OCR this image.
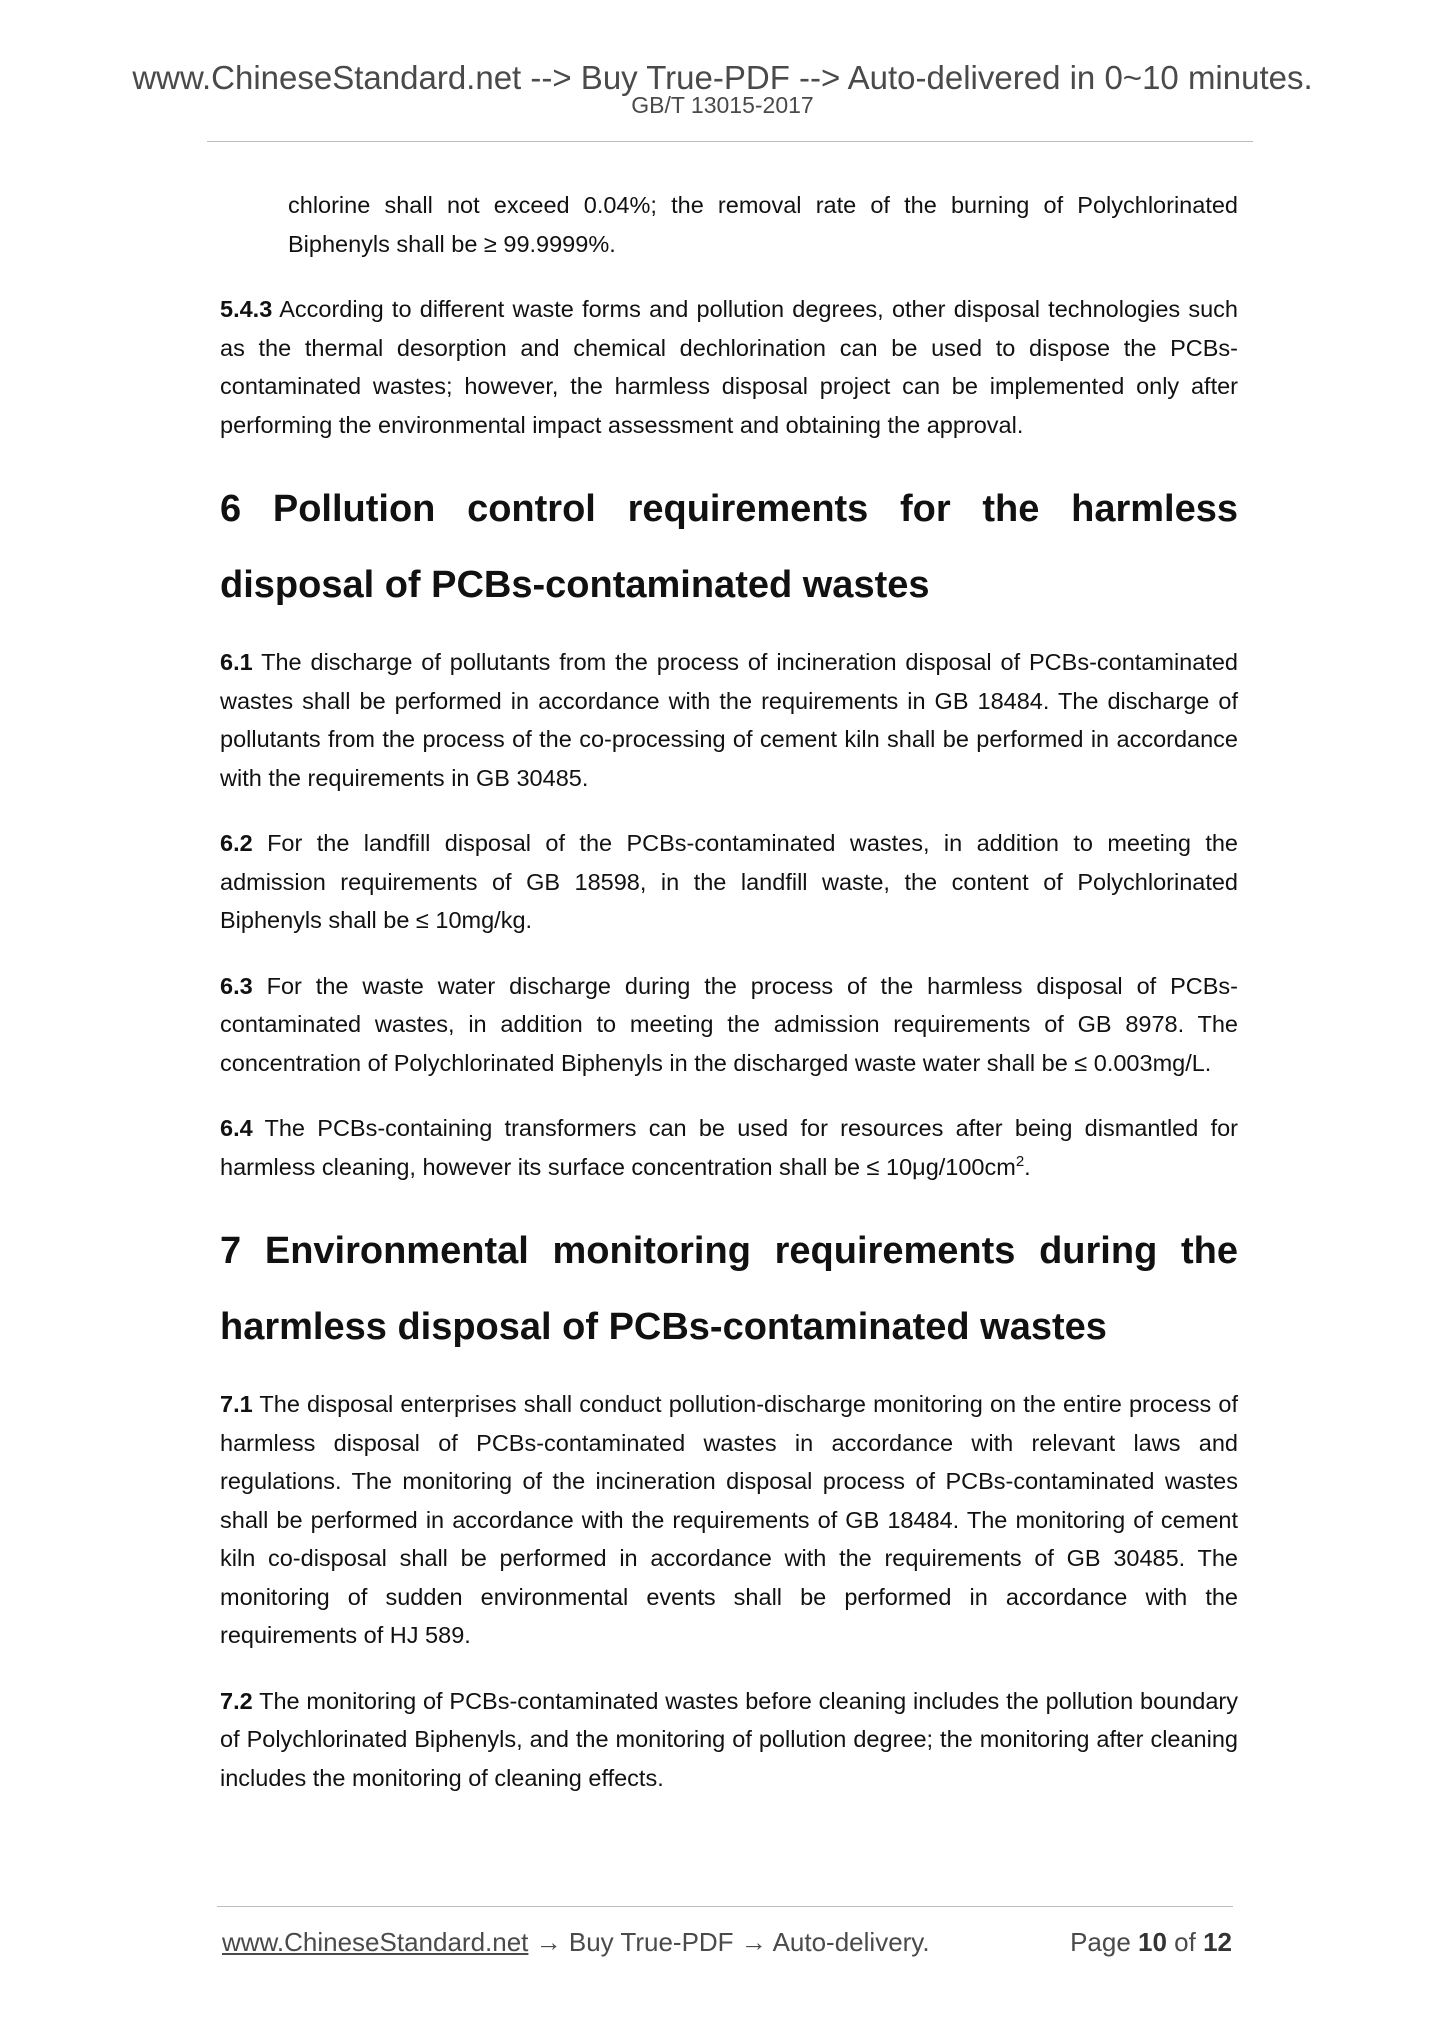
www.ChineseStandard.net --> Buy True-PDF --> Auto-delivered in 0~10 minutes.
GB/T 13015-2017

chlorine shall not exceed 0.04%; the removal rate of the burning of Polychlorinated Biphenyls shall be ≥ 99.9999%.

5.4.3 According to different waste forms and pollution degrees, other disposal technologies such as the thermal desorption and chemical dechlorination can be used to dispose the PCBs-contaminated wastes; however, the harmless disposal project can be implemented only after performing the environmental impact assessment and obtaining the approval.

6 Pollution control requirements for the harmless
disposal of PCBs-contaminated wastes

6.1 The discharge of pollutants from the process of incineration disposal of PCBs-contaminated wastes shall be performed in accordance with the requirements in GB 18484. The discharge of pollutants from the process of the co-processing of cement kiln shall be performed in accordance with the requirements in GB 30485.

6.2 For the landfill disposal of the PCBs-contaminated wastes, in addition to meeting the admission requirements of GB 18598, in the landfill waste, the content of Polychlorinated Biphenyls shall be ≤ 10mg/kg.

6.3 For the waste water discharge during the process of the harmless disposal of PCBs-contaminated wastes, in addition to meeting the admission requirements of GB 8978. The concentration of Polychlorinated Biphenyls in the discharged waste water shall be ≤ 0.003mg/L.

6.4 The PCBs-containing transformers can be used for resources after being dismantled for harmless cleaning, however its surface concentration shall be ≤ $10\mu g/100cm^2$.

7 Environmental monitoring requirements during the
harmless disposal of PCBs-contaminated wastes

7.1 The disposal enterprises shall conduct pollution-discharge monitoring on the entire process of harmless disposal of PCBs-contaminated wastes in accordance with relevant laws and regulations. The monitoring of the incineration disposal process of PCBs-contaminated wastes shall be performed in accordance with the requirements of GB 18484. The monitoring of cement kiln co-disposal shall be performed in accordance with the requirements of GB 30485. The monitoring of sudden environmental events shall be performed in accordance with the requirements of HJ 589.

7.2 The monitoring of PCBs-contaminated wastes before cleaning includes the pollution boundary of Polychlorinated Biphenyls, and the monitoring of pollution degree; the monitoring after cleaning includes the monitoring of cleaning effects.

www.ChineseStandard.net → Buy True-PDF → Auto-delivery.	Page 10 of 12
